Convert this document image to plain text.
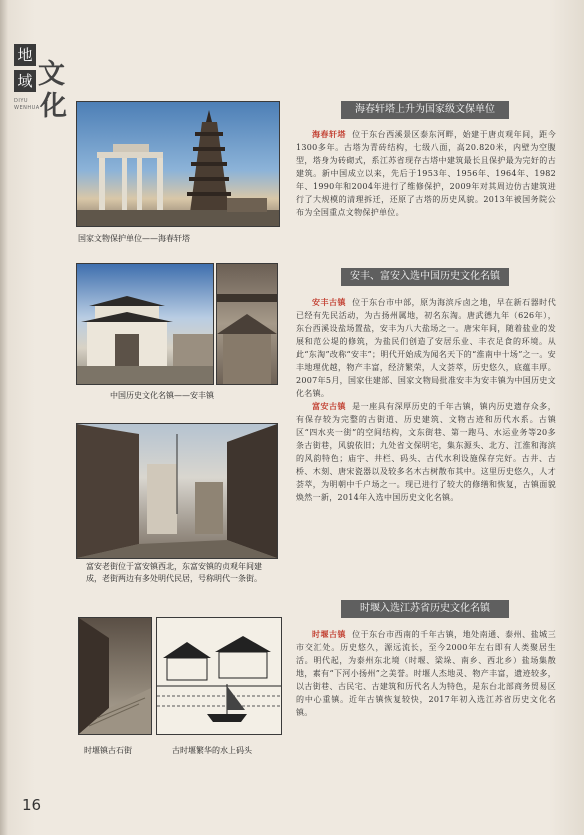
地
域 文
化
DIYU WENHUA
国家文物保护单位——海春轩塔
海春轩塔上升为国家级文保单位

海春轩塔 位于东台西溪景区泰东河畔，始建于唐贞观年间，距今1300多年。古塔为青砖结构，七级八面，高20.820米，内壁为空腹型，塔身为砖砌式，系江苏省现存古塔中建筑最长且保护最为完好的古建筑。新中国成立以来，先后于1953年、1956年、1964年、1982年、1990年和2004年进行了维修保护，2009年对其周边仿古建筑进行了大规模的清理拆迁，还原了古塔的历史风貌。2013年被国务院公布为全国重点文物保护单位。

中国历史文化名镇——安丰镇
安丰、富安入选中国历史文化名镇

安丰古镇 位于东台市中部，原为海滨斥卤之地，早在新石器时代已经有先民活动，为古扬州属地，初名东淘。唐武德九年（626年），东台西溪设盐场置盐，安丰为八大盐场之一。唐宋年间，随着盐业的发展和范公堤的修筑，为盐民们创造了安居乐业、丰衣足食的环境。从此“东淘”改称“安丰”；明代开始成为闻名天下的“淮南中十场”之一。安丰地理优越，物产丰富，经济繁荣，人文荟萃，历史悠久，底蕴丰厚。2007年5月，国家住建部、国家文物局批准安丰为安丰镇为中国历史文化名镇。

富安古镇 是一座具有深厚历史的千年古镇，镇内历史遗存众多，有保存较为完整的古街道、历史建筑、文物古迹和历代水系。古镇区“四水夹一街”的空间结构，文东街巷、第一跑马、水运业务等20多条古街巷，风貌依旧；九处省文保明宅，集东源头、北方、江淮和海滨的风韵特色；庙宇、井栏、码头、古代水利设施保存完好。古井、古桥、木刻、唐宋瓷器以及较多名木古树散布其中。这里历史悠久，人才荟萃，为明朝中千户场之一。现已进行了较大的修缮和恢复，古镇面貌焕然一新，2014年入选中国历史文化名镇。

富安老街位于富安镇西北，东富安镇的贞观年间建成，老街两边有多处明代民居，号称明代一条街。
时堰入选江苏省历史文化名镇

时堰古镇 位于东台市西南的千年古镇，地处南通、泰州、盐城三市交汇处。历史悠久，源远流长，至今2000年左右即有人类聚居生活。明代起，为泰州东北境（时堰、梁垛、南乡、西北乡）盐场集散地，素有“下河小扬州”之美誉。时堰人杰地灵、物产丰富，遗迹较多，以古街巷、古民宅、古建筑和历代名人为特色，是东台北部商务贸易区的中心重镇。近年古镇恢复较快，2017年初入选江苏省历史文化名镇。

时堰镇古石街	古时堰繁华的水上码头
16
